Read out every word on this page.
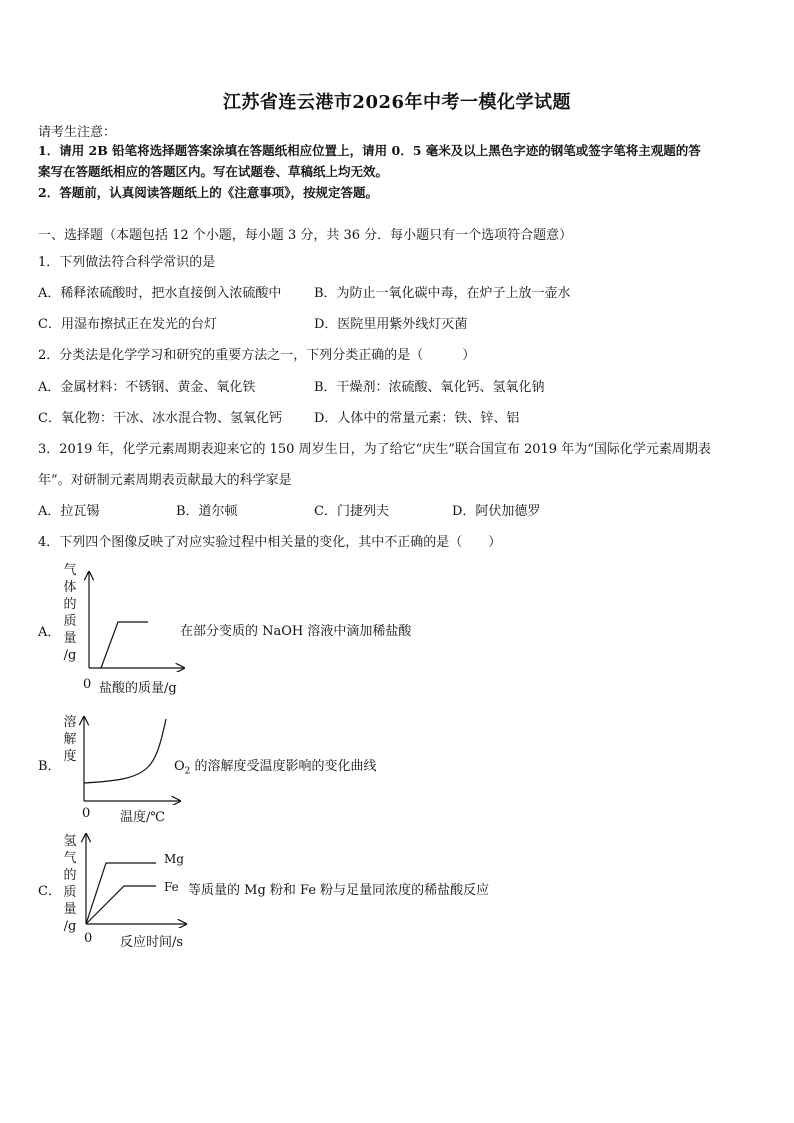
江苏省连云港市2026年中考一模化学试题
请考生注意：
1．请用 2B 铅笔将选择题答案涂填在答题纸相应位置上，请用 0．5 毫米及以上黑色字迹的钢笔或签字笔将主观题的答
案写在答题纸相应的答题区内。写在试题卷、草稿纸上均无效。
2．答题前，认真阅读答题纸上的《注意事项》，按规定答题。
一、选择题（本题包括 12 个小题，每小题 3 分，共 36 分．每小题只有一个选项符合题意）
1．下列做法符合科学常识的是
A．稀释浓硫酸时，把水直接倒入浓硫酸中	B．为防止一氧化碳中毒，在炉子上放一壶水
C．用湿布擦拭正在发光的台灯	D．医院里用紫外线灯灭菌
2．分类法是化学学习和研究的重要方法之一，下列分类正确的是（　　　）
A．金属材料：不锈钢、黄金、氧化铁	B．干燥剂：浓硫酸、氧化钙、氢氧化钠
C．氧化物：干冰、冰水混合物、氢氧化钙 D．人体中的常量元素：铁、锌、铝
3．2019 年，化学元素周期表迎来它的 150 周岁生日，为了给它“庆生”联合国宣布 2019 年为“国际化学元素周期表
年”。对研制元素周期表贡献最大的科学家是
A．拉瓦锡	B．道尔顿	C．门捷列夫	D．阿伏加德罗
4．下列四个图像反映了对应实验过程中相关量的变化，其中不正确的是（　　）
A．
气
体
的
质
量
/g
0 盐酸的质量/g
在部分变质的 NaOH 溶液中滴加稀盐酸
B．
溶
解
度
0 温度/℃
$O_2$ 的溶解度受温度影响的变化曲线
C．
氢
气
的
质
量
/g
Mg
Fe
0 反应时间/s
等质量的 Mg 粉和 Fe 粉与足量同浓度的稀盐酸反应
